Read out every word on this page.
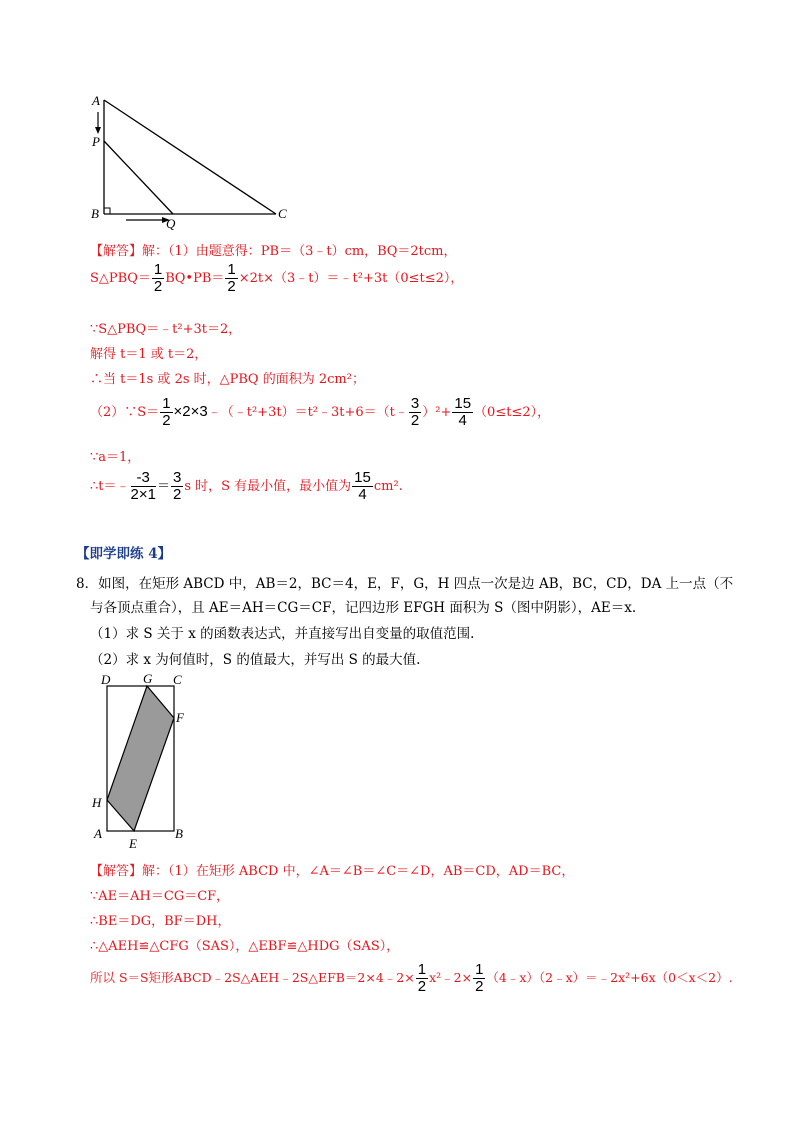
A
P
B
Q
C
【解答】解：（1）由题意得：PB＝（3﹣t）cm，BQ＝2tcm，
S△PBQ＝ $\frac{1}{2}$ BQ•PB＝ $\frac{1}{2}$ ×2t×（3﹣t）＝﹣t²+3t（0≤t≤2），
∵S△PBQ＝﹣t²+3t＝2，
解得 t＝1 或 t＝2，
∴当 t＝1s 或 2s 时，△PBQ 的面积为 2cm²；
（2）∵S＝ $\frac{1}{2}$ ×2×3﹣（﹣t²+3t）＝t²﹣3t+6＝（t﹣ $\frac{3}{2} )^2+ \frac{15}{4} (0\le t\le 2)$，
∵a＝1，
∴t＝﹣ $\frac{-3}{2\times 1} = \frac{3}{2}$ s 时，S 有最小值，最小值为 $\frac{15}{4} cm^2$.
【即学即练 4】
8．如图，在矩形 ABCD 中，AB＝2，BC＝4，E，F，G，H 四点一次是边 AB，BC，CD，DA 上一点（不
与各顶点重合），且 AE＝AH＝CG＝CF，记四边形 EFGH 面积为 S（图中阴影），AE＝x.
（1）求 S 关于 x 的函数表达式，并直接写出自变量的取值范围.
（2）求 x 为何值时，S 的值最大，并写出 S 的最大值.
D	G C
F
H
A
E
B
【解答】解：（1）在矩形 ABCD 中，∠A＝∠B＝∠C＝∠D，AB＝CD，AD＝BC，
∵AE＝AH＝CG＝CF，
∴BE＝DG，BF＝DH，
∴△AEH≌△CFG（SAS），△EBF≌△HDG（SAS），
所以 S＝S矩形ABCD﹣2S△AEH﹣2S△EFB＝2×4﹣2× $\frac{1}{2}$ x²﹣2× $\frac{1}{2}$ （4﹣x）（2﹣x）＝﹣2x²+6x（0＜x＜2）.
